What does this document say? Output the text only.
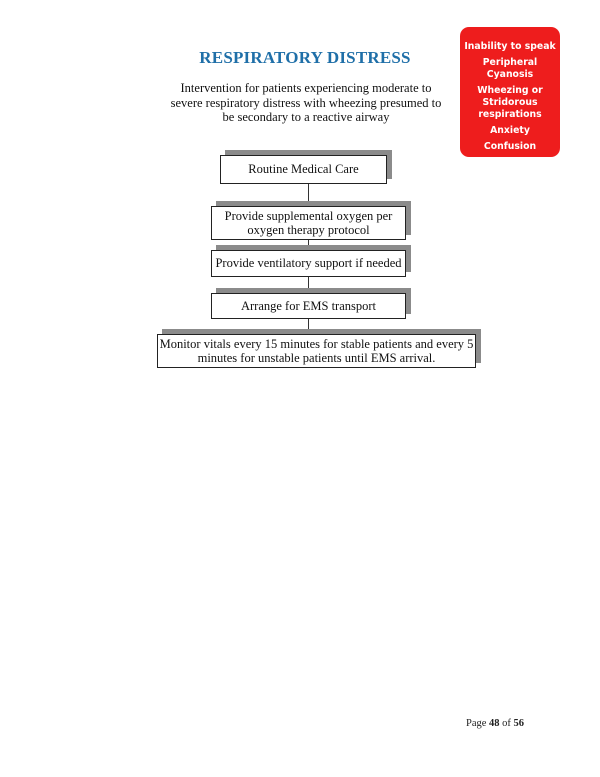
RESPIRATORY DISTRESS
Intervention for patients experiencing moderate to
severe respiratory distress with wheezing presumed to
be secondary to a reactive airway
Inability to speak
Peripheral Cyanosis
Wheezing or
Stridorous
respirations
Anxiety
Confusion
Routine Medical Care
Provide supplemental oxygen per
oxygen therapy protocol
Provide ventilatory support if needed
Arrange for EMS transport
Monitor vitals every 15 minutes for stable patients and every 5
minutes for unstable patients until EMS arrival.
Page 48 of 56
